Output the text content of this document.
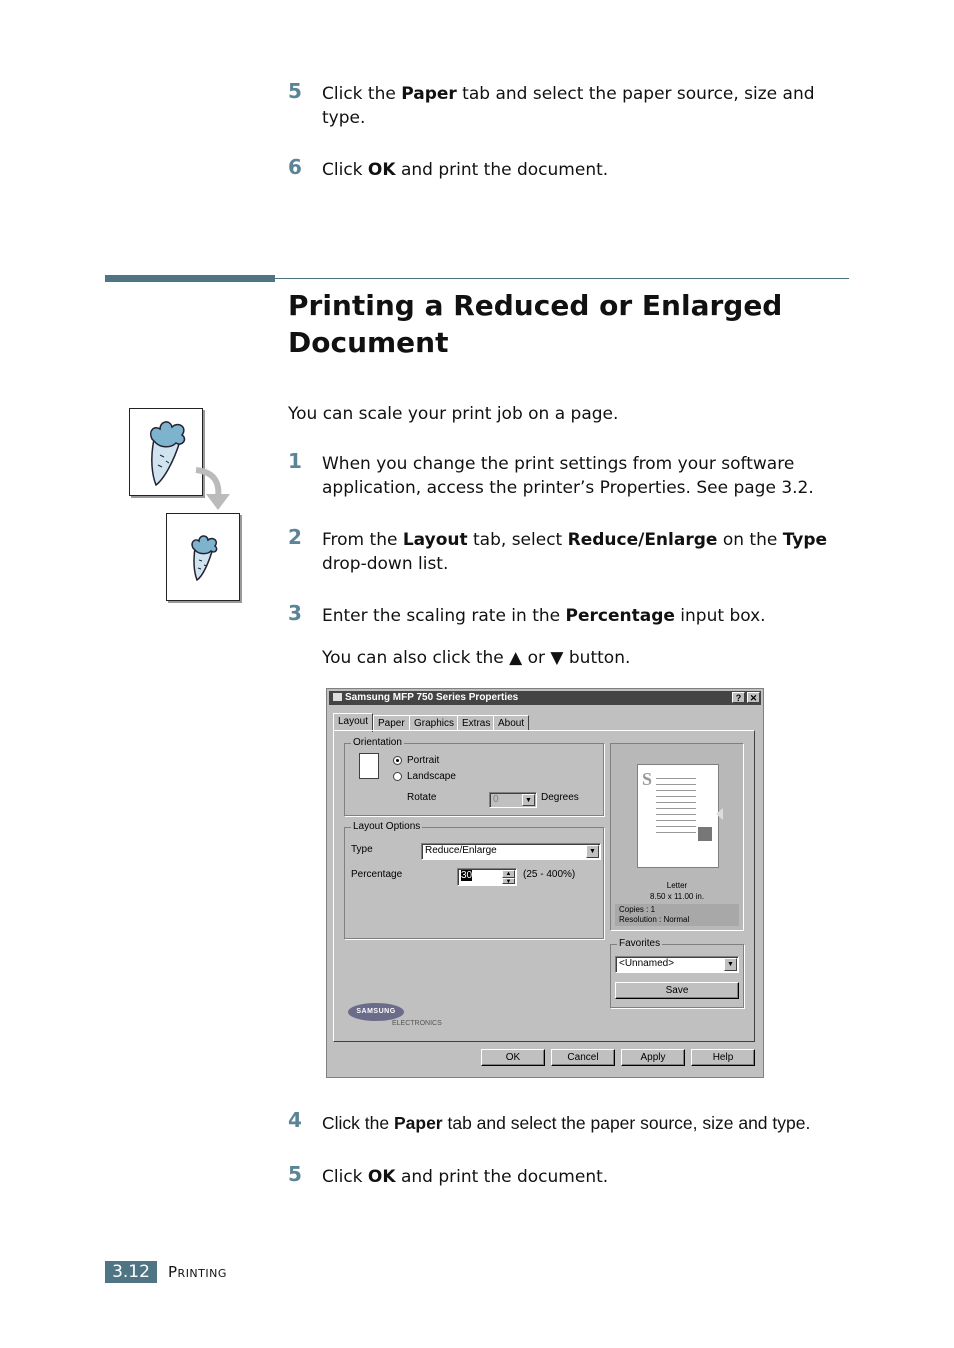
5 Click the Paper tab and select the paper source, size and type.
6 Click OK and print the document.
Printing a Reduced or Enlarged Document
You can scale your print job on a page.
1 When you change the print settings from your software application, access the printer’s Properties. See page 3.2.
2 From the Layout tab, select Reduce/Enlarge on the Type drop-down list.
3 Enter the scaling rate in the Percentage input box.
You can also click the ▲ or ▼ button.
Samsung MFP 750 Series Properties	? ✕
Layout Paper Graphics Extras About
Orientation
Portrait
Landscape
Rotate	0	▼ Degrees
Layout Options
Type	Reduce/Enlarge	▼
Percentage	30	▲
▼
(25 - 400%)
S
Letter
8.50 x 11.00 in.
Copies : 1
Resolution : Normal
Favorites
<Unnamed>	▼
Save
SAMSUNG
ELECTRONICS
OK	Cancel	Apply	Help
4 Click the Paper tab and select the paper source, size and type.
5 Click OK and print the document.
3.12	Printing
